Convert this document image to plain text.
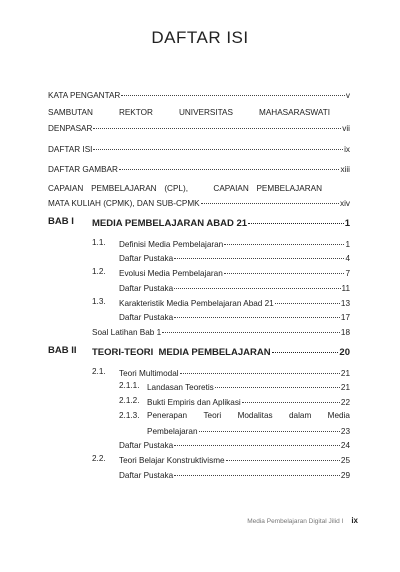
DAFTAR ISI
KATA PENGANTAR	v
SAMBUTAN	REKTOR	UNIVERSITAS	MAHASARASWATI
DENPASAR	vii
DAFTAR ISI	ix
DAFTAR GAMBAR	xiii
CAPAIAN PEMBELAJARAN (CPL),	CAPAIAN PEMBELAJARAN
MATA KULIAH (CPMK), DAN SUB-CPMK	xiv
BAB I MEDIA PEMBELAJARAN ABAD 21	1
1.1. Definisi Media Pembelajaran	1
Daftar Pustaka	4
1.2. Evolusi Media Pembelajaran	7
Daftar Pustaka	11
1.3. Karakteristik Media Pembelajaran Abad 21	13
Daftar Pustaka	17
Soal Latihan Bab 1	18
BAB II TEORI-TEORI  MEDIA PEMBELAJARAN	20
2.1. Teori Multimodal	21
2.1.1. Landasan Teoretis	21
2.1.2. Bukti Empiris dan Aplikasi	22
2.1.3. Penerapan Teori Modalitas dalam Media
Pembelajaran	23
Daftar Pustaka	24
2.2. Teori Belajar Konstruktivisme	25
Daftar Pustaka	29
Media Pembelajaran Digital Jilid I ix
